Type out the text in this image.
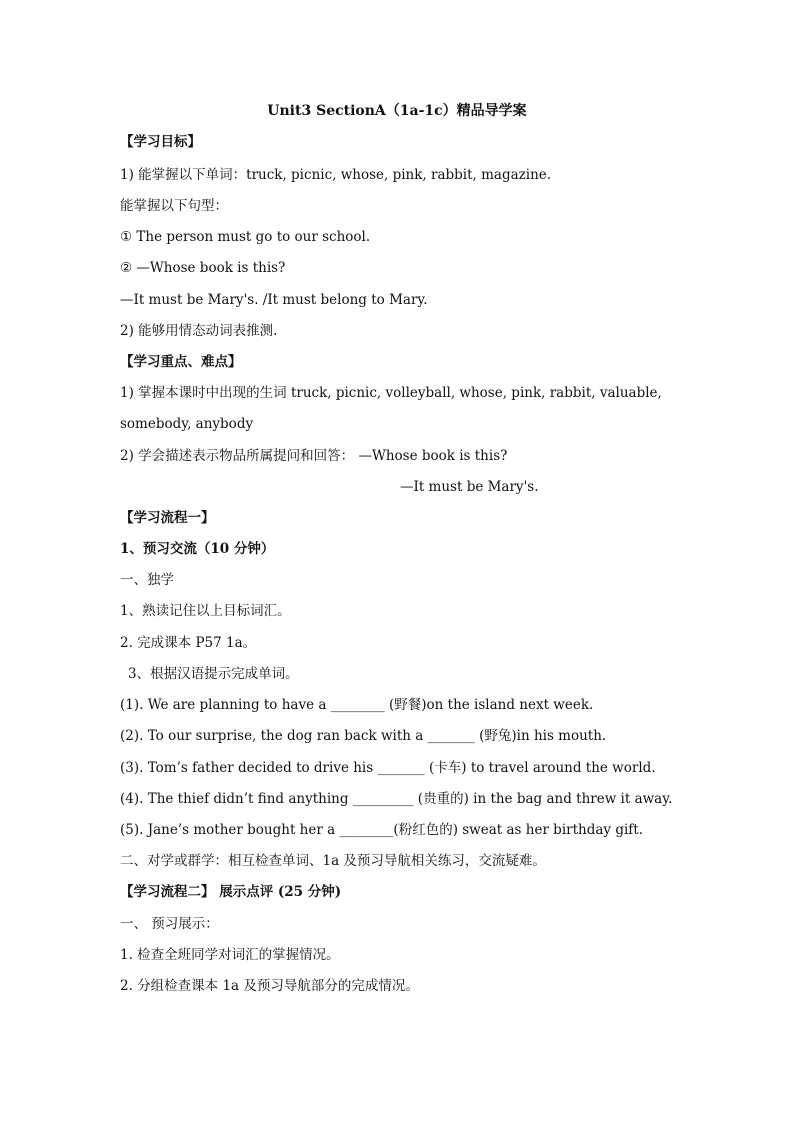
Unit3 SectionA（1a-1c）精品导学案
【学习目标】
1) 能掌握以下单词：truck, picnic, whose, pink, rabbit, magazine.
能掌握以下句型：
① The person must go to our school.
② —Whose book is this?
—It must be Mary's. /It must belong to Mary.
2) 能够用情态动词表推测.
【学习重点、难点】
1) 掌握本课时中出现的生词 truck, picnic, volleyball, whose, pink, rabbit, valuable,
somebody, anybody
2) 学会描述表示物品所属提问和回答： —Whose book is this?
—It must be Mary's.
【学习流程一】
1、预习交流（10 分钟）
一、独学
1、熟读记住以上目标词汇。
2. 完成课本 P57 1a。
3、根据汉语提示完成单词。
(1). We are planning to have a ________ (野餐)on the island next week.
(2). To our surprise, the dog ran back with a _______ (野兔)in his mouth.
(3). Tom’s father decided to drive his _______ (卡车) to travel around the world.
(4). The thief didn’t find anything _________ (贵重的) in the bag and threw it away.
(5). Jane’s mother bought her a ________(粉红色的) sweat as her birthday gift.
二、对学或群学：相互检查单词、1a 及预习导航相关练习，交流疑难。
【学习流程二】 展示点评 (25 分钟)
一、 预习展示：
1. 检查全班同学对词汇的掌握情况。
2. 分组检查课本 1a 及预习导航部分的完成情况。
